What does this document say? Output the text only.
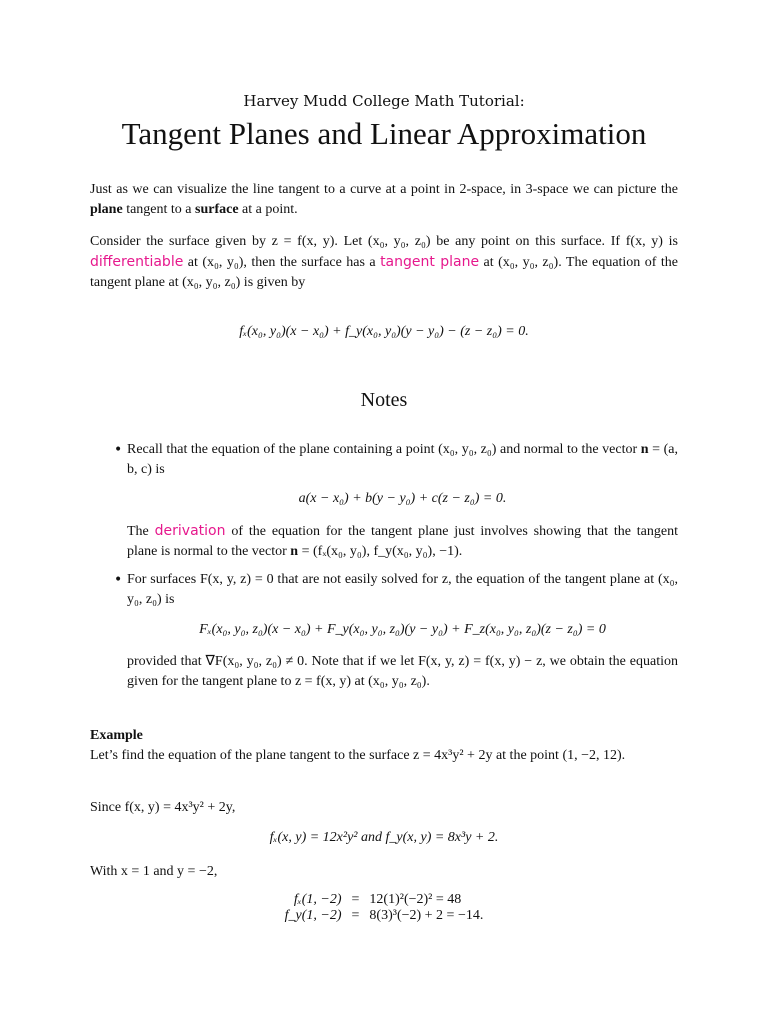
Harvey Mudd College Math Tutorial:
Tangent Planes and Linear Approximation
Just as we can visualize the line tangent to a curve at a point in 2-space, in 3-space we can picture the plane tangent to a surface at a point.
Consider the surface given by z = f(x, y). Let (x₀, y₀, z₀) be any point on this surface. If f(x, y) is differentiable at (x₀, y₀), then the surface has a tangent plane at (x₀, y₀, z₀). The equation of the tangent plane at (x₀, y₀, z₀) is given by
fₓ(x₀, y₀)(x − x₀) + f_y(x₀, y₀)(y − y₀) − (z − z₀) = 0.
Notes
• Recall that the equation of the plane containing a point (x₀, y₀, z₀) and normal to the vector n = (a, b, c) is
a(x − x₀) + b(y − y₀) + c(z − z₀) = 0.
The derivation of the equation for the tangent plane just involves showing that the tangent plane is normal to the vector n = (fₓ(x₀, y₀), f_y(x₀, y₀), −1).
• For surfaces F(x, y, z) = 0 that are not easily solved for z, the equation of the tangent plane at (x₀, y₀, z₀) is
Fₓ(x₀, y₀, z₀)(x − x₀) + F_y(x₀, y₀, z₀)(y − y₀) + F_z(x₀, y₀, z₀)(z − z₀) = 0
provided that ∇F(x₀, y₀, z₀) ≠ 0. Note that if we let F(x, y, z) = f(x, y) − z, we obtain the equation given for the tangent plane to z = f(x, y) at (x₀, y₀, z₀).
Example
Let’s find the equation of the plane tangent to the surface z = 4x³y² + 2y at the point (1, −2, 12).
Since f(x, y) = 4x³y² + 2y,
fₓ(x, y) = 12x²y² and f_y(x, y) = 8x³y + 2.
With x = 1 and y = −2,
fₓ(1, −2)	=	12(1)²(−2)² = 48
f_y(1, −2)	=	8(3)³(−2) + 2 = −14.
